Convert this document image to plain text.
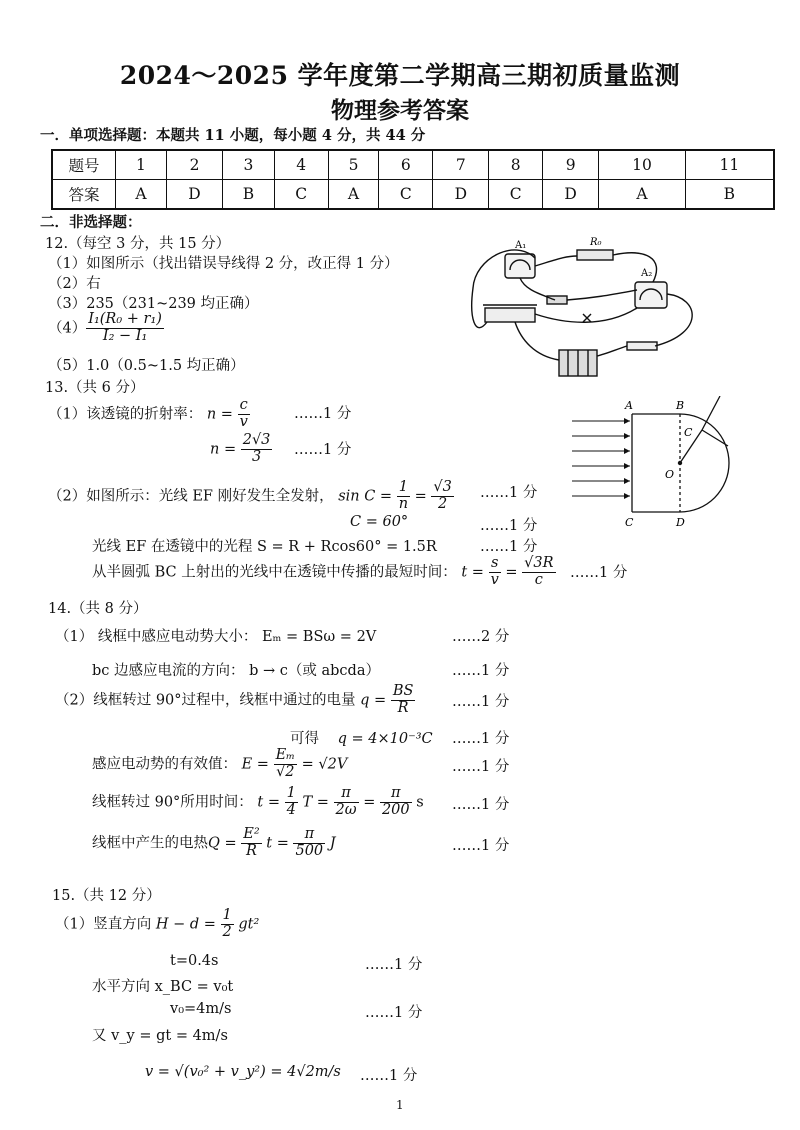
2024～2025 学年度第二学期高三期初质量监测
物理参考答案
一．单项选择题：本题共 11 小题，每小题 4 分，共 44 分
题号	1	2	3	4	5	6	7	8	9	10	11
答案	A	D	B	C	A	C	D	C	D	A	B
二．非选择题：
12.（每空 3 分，共 15 分）
（1）如图所示（找出错误导线得 2 分，改正得 1 分）
（2）右
（3）235（231~239 均正确）
$(4) \frac{\text{I₁(R₀ + r₁)}}{\text{I₂ − I₁}}$
（5）1.0（0.5~1.5 均正确）
A₁	R₀
A₂
13.（共 6 分）
（1）该透镜的折射率： $n = \frac{c}{v}$	……1 分
$n = \frac{2√3}{3}$ ……1 分
（2）如图所示：光线 EF 刚好发生全发射， $\sin C = \frac{1}{n} = \frac{√3}{2}$ ……1 分
C = 60°	……1 分
光线 EF 在透镜中的光程 S = R + Rcos60° = 1.5R	……1 分
从半圆弧 BC 上射出的光线中在透镜中传播的最短时间： $t = \frac{s}{v} = \frac{√3R}{c}$ ……1 分
A	B
C
O
C	D
14.（共 8 分）
（1） 线框中感应电动势大小： Eₘ = BSω = 2V	……2 分
bc 边感应电流的方向： b → c（或 abcda）	……1 分
（2）线框转过 90°过程中，线框中通过的电量 $q = \frac{BS}{R}$	……1 分
可得 q = 4×10⁻³C ……1 分
感应电动势的有效值： $E = \frac{\text{Eₘ}}{√2} = √2V$	……1 分
线框转过 90°所用时间： $t = \frac{1}{4}$ $T = \frac{\pi}{2\omega} = \frac{\pi}{200}$ s ……1 分
线框中产生的电热$Q = \frac{\text{E²}}{R}$ $t = \frac{\pi}{500}$ J	……1 分
15.（共 12 分）
（1）竖直方向 $H - d = \frac{1}{2} gt^2$
t=0.4s	……1 分
水平方向 x_BC = v₀t
v₀=4m/s	……1 分
又 v_y = gt = 4m/s
v = √(v₀² + v_y²) = 4√2m/s ……1 分
1
